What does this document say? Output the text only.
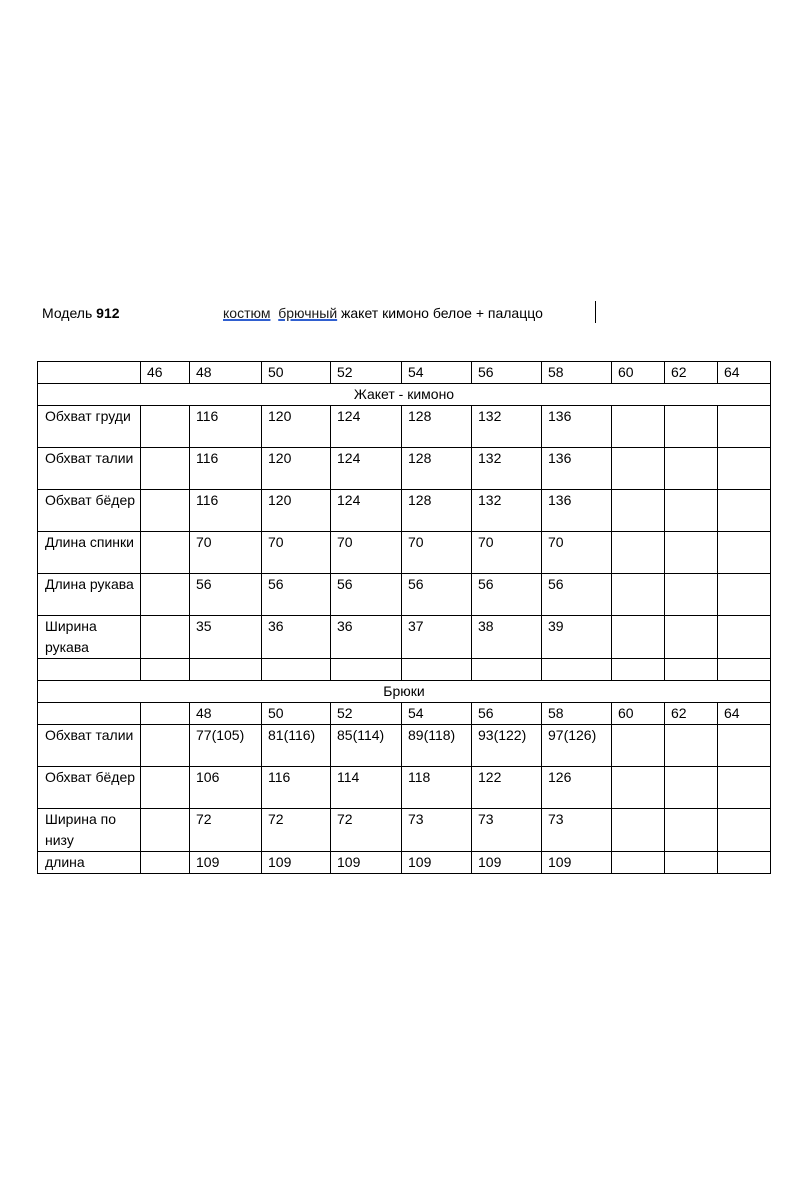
Модель 912	костюм брючный жакет кимоно белое + палаццо
	46	48	50	52	54	56	58	60	62	64
Жакет - кимоно										
Обхват груди		116	120	124	128	132	136			
Обхват талии		116	120	124	128	132	136			
Обхват бёдер		116	120	124	128	132	136			
Длина спинки		70	70	70	70	70	70			
Длина рукава		56	56	56	56	56	56			
Ширина рукава		35	36	36	37	38	39			

Брюки										
		48	50	52	54	56	58	60	62	64
Обхват талии		77(105)	81(116)	85(114)	89(118)	93(122)	97(126)			
Обхват бёдер		106	116	114	118	122	126			
Ширина по низу		72	72	72	73	73	73			
длина		109	109	109	109	109	109			
